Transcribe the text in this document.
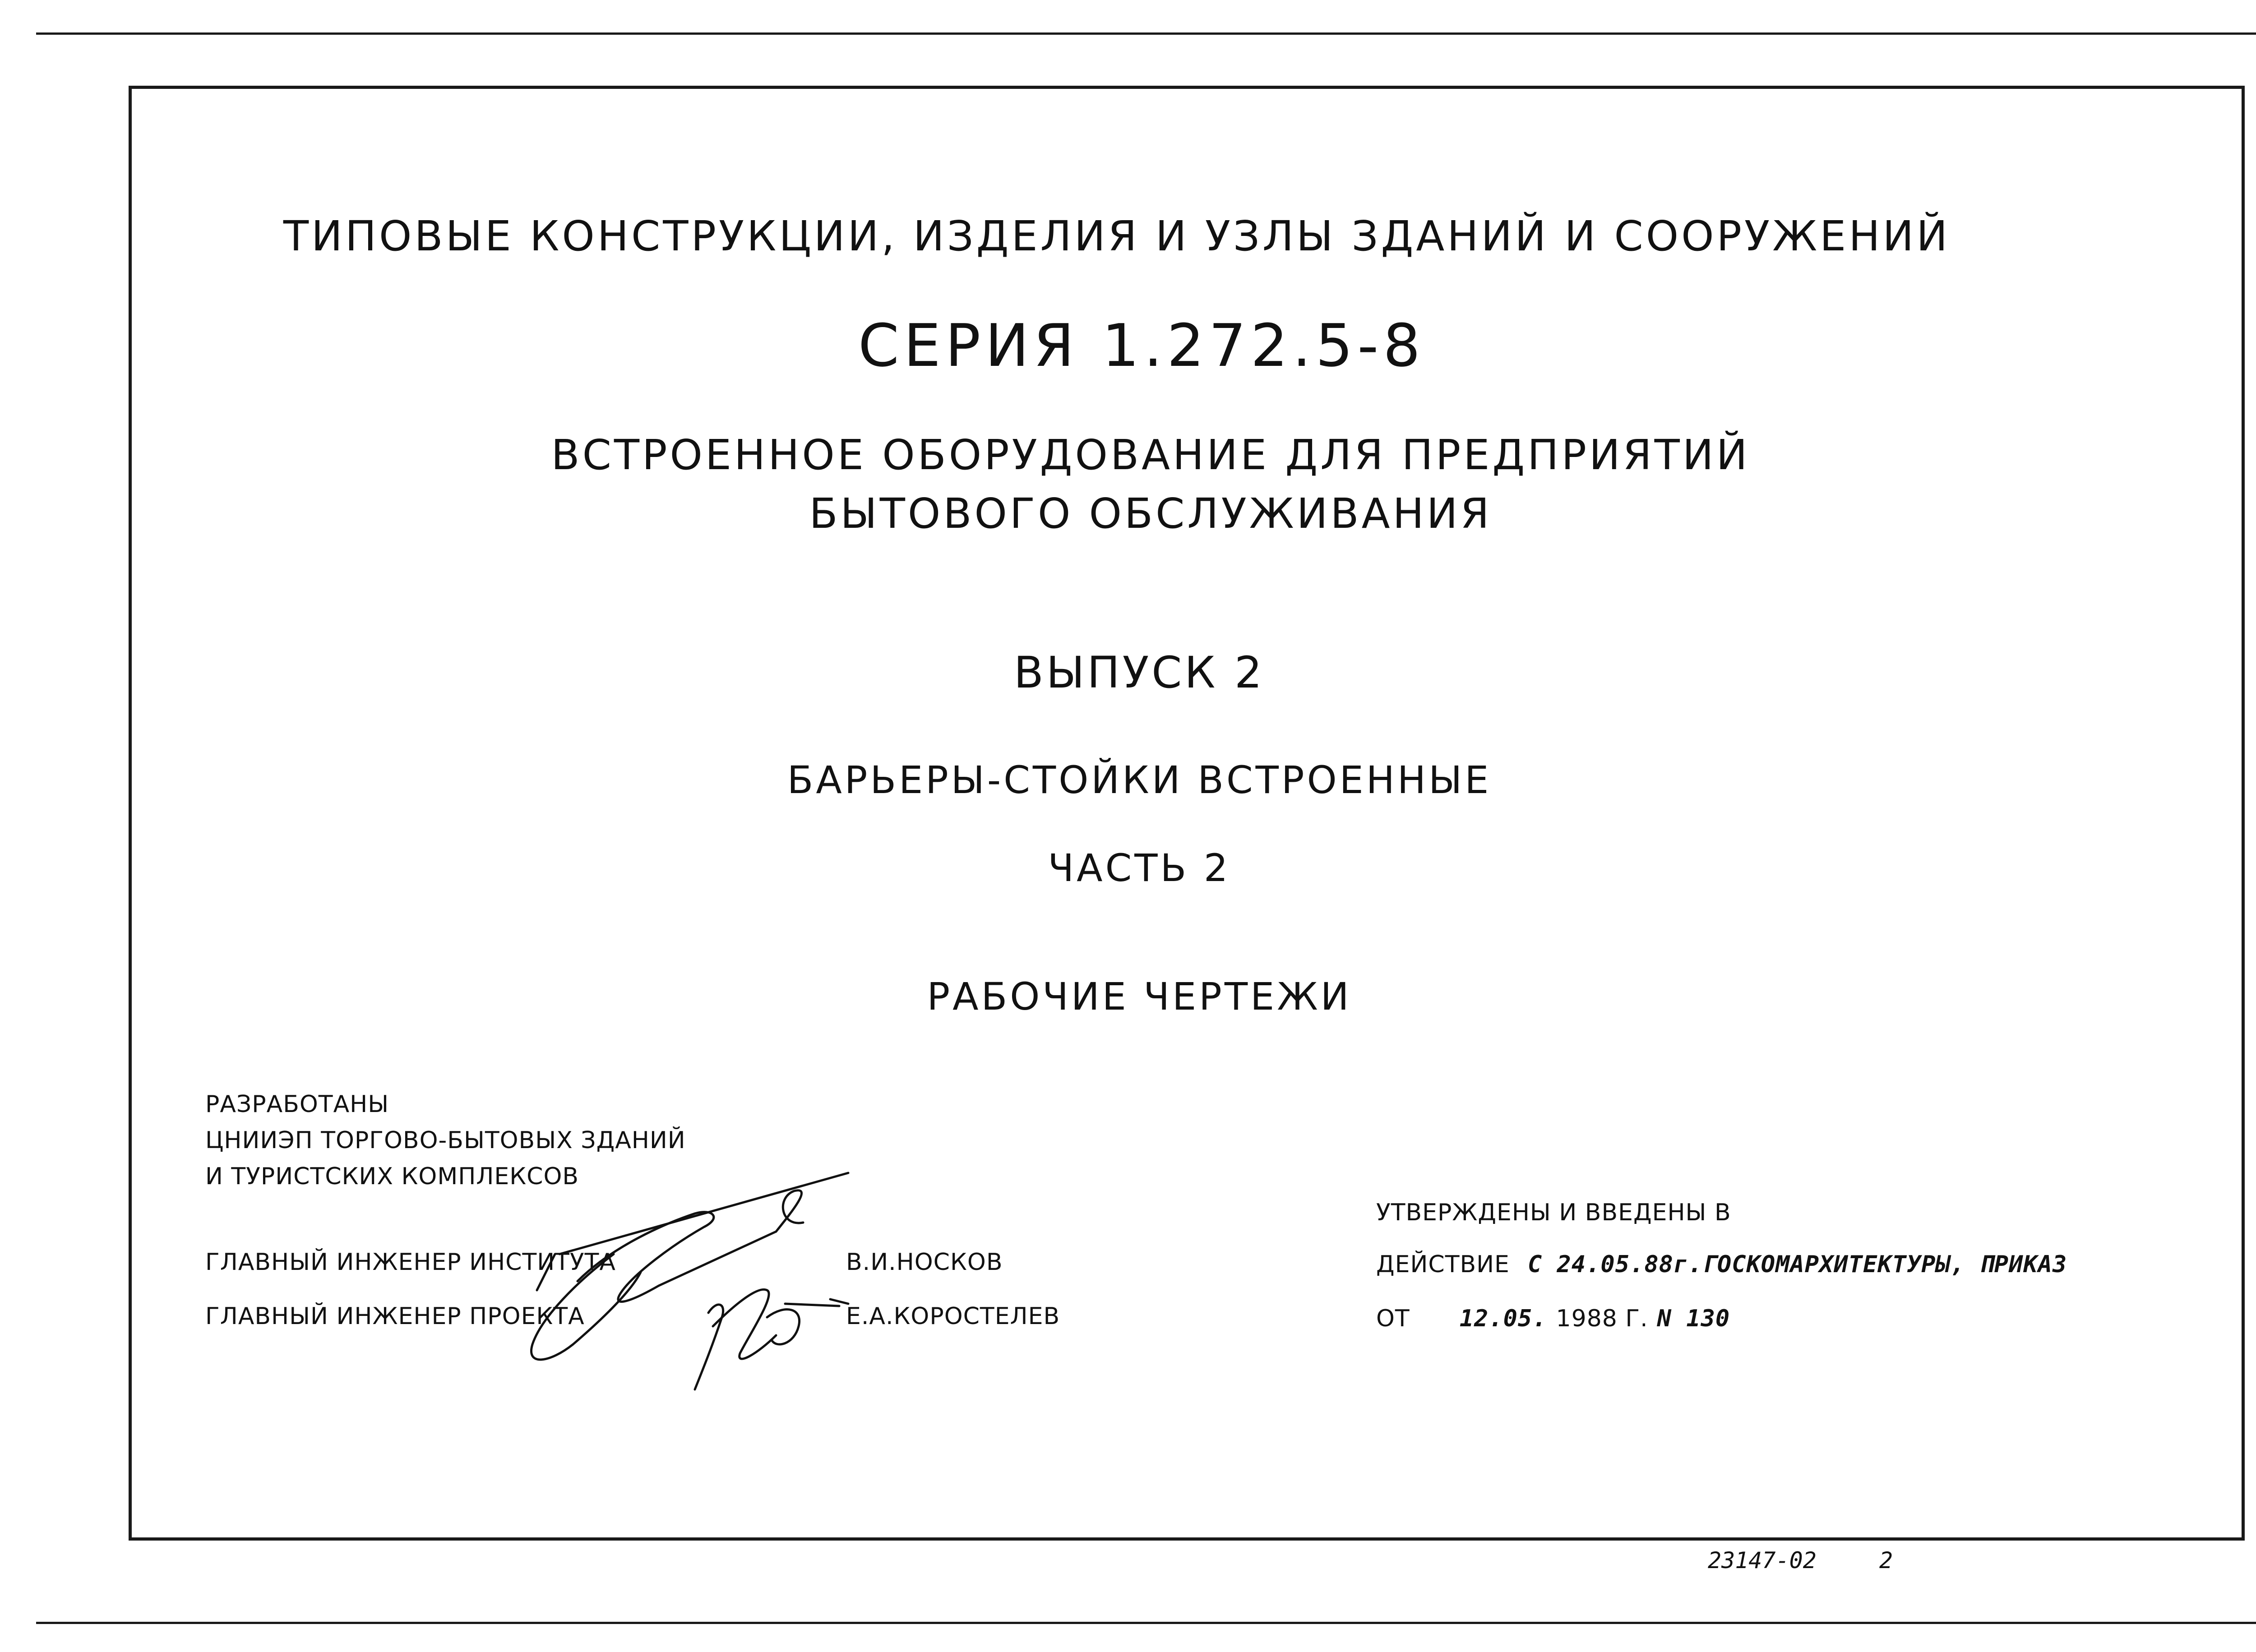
ТИПОВЫЕ КОНСТРУКЦИИ, ИЗДЕЛИЯ И УЗЛЫ ЗДАНИЙ И СООРУЖЕНИЙ
СЕРИЯ 1.272.5-8
ВСТРОЕННОЕ ОБОРУДОВАНИЕ ДЛЯ ПРЕДПРИЯТИЙ
БЫТОВОГО ОБСЛУЖИВАНИЯ
ВЫПУСК 2
БАРЬЕРЫ-СТОЙКИ ВСТРОЕННЫЕ
ЧАСТЬ 2
РАБОЧИЕ ЧЕРТЕЖИ
РАЗРАБОТАНЫ
ЦНИИЭП ТОРГОВО-БЫТОВЫХ ЗДАНИЙ
И ТУРИСТСКИХ КОМПЛЕКСОВ
ГЛАВНЫЙ ИНЖЕНЕР ИНСТИТУТА	В.И.НОСКОВ
ГЛАВНЫЙ ИНЖЕНЕР ПРОЕКТА	Е.А.КОРОСТЕЛЕВ
УТВЕРЖДЕНЫ И ВВЕДЕНЫ В
ДЕЙСТВИЕ С 24.05.88г.ГОСКОМАРХИТЕКТУРЫ, ПРИКАЗ
ОТ 12.05. 1988 Г. N 130
23147-02	2
